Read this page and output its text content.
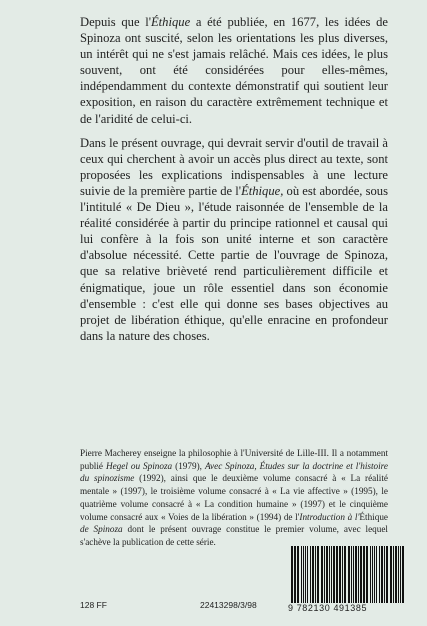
Depuis que l'Éthique a été publiée, en 1677, les idées de Spinoza ont suscité, selon les orientations les plus diverses, un intérêt qui ne s'est jamais relâché. Mais ces idées, le plus souvent, ont été considérées pour elles-mêmes, indépendamment du contexte démonstratif qui soutient leur exposition, en raison du caractère extrêmement technique et de l'aridité de celui-ci.

Dans le présent ouvrage, qui devrait servir d'outil de travail à ceux qui cherchent à avoir un accès plus direct au texte, sont proposées les explications indispensables à une lecture suivie de la première partie de l'Éthique, où est abordée, sous l'intitulé « De Dieu », l'étude raisonnée de l'ensemble de la réalité considérée à partir du principe rationnel et causal qui lui confère à la fois son unité interne et son caractère d'absolue nécessité. Cette partie de l'ouvrage de Spinoza, que sa relative brièveté rend particulièrement difficile et énigmatique, joue un rôle essentiel dans son économie d'ensemble : c'est elle qui donne ses bases objectives au projet de libération éthique, qu'elle enracine en profondeur dans la nature des choses.

Pierre Macherey enseigne la philosophie à l'Université de Lille-III. Il a notamment publié Hegel ou Spinoza (1979), Avec Spinoza, Études sur la doctrine et l'histoire du spinozisme (1992), ainsi que le deuxième volume consacré à « La réalité mentale » (1997), le troisième volume consacré à « La vie affective » (1995), le quatrième volume consacré à « La condition humaine » (1997) et le cinquième volume consacré aux « Voies de la libération » (1994) de l'Introduction à l'Éthique de Spinoza dont le présent ouvrage constitue le premier volume, avec lequel s'achève la publication de cette série.

128 FF	22413298/3/98	9 782130 491385
